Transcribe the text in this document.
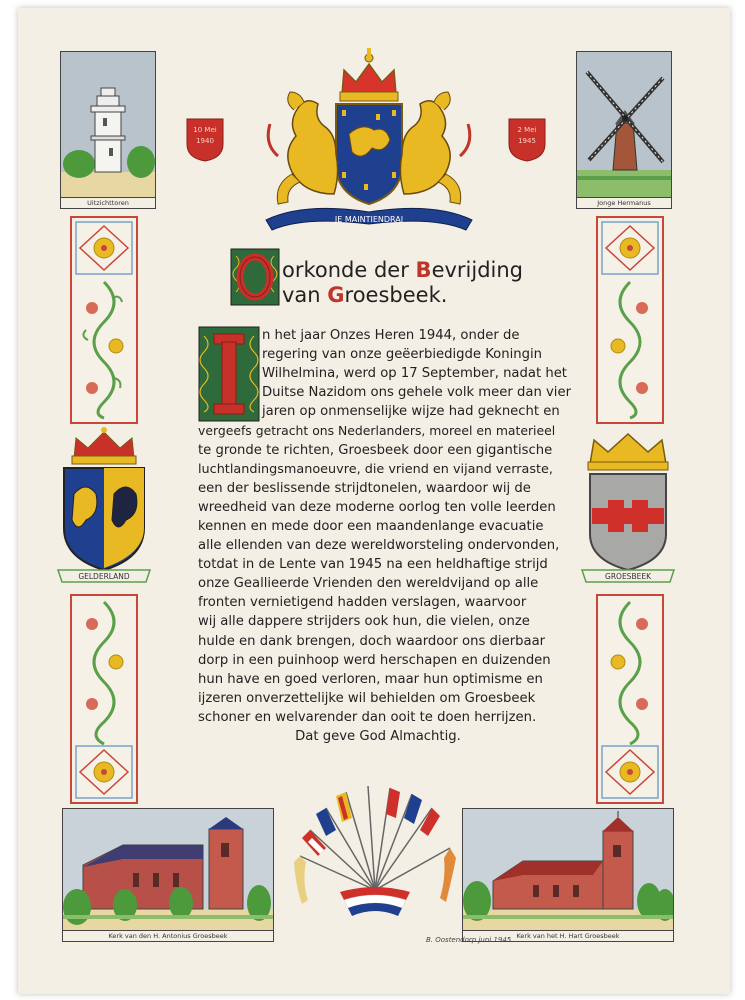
Uitzichttoren	Jonge Hermanus
10 Mei
1940
2 Mei
1945
JE MAINTIENDRAI
GELDERLAND	GROESBEEK
Kerk van den H. Antonius Groesbeek	Kerk van het H. Hart Groesbeek
B. Oostendorp juni 1945
orkonde der Bevrijding
van Groesbeek.
n het jaar Onzes Heren 1944, onder de
regering van onze geëerbiedigde Koningin
Wilhelmina, werd op 17 September, nadat het
Duitse Nazidom ons gehele volk meer dan vier
jaren op onmenselijke wijze had geknecht en
vergeefs getracht ons Nederlanders, moreel en materieel
te gronde te richten, Groesbeek door een gigantische
luchtlandingsmanoeuvre, die vriend en vijand verraste,
een der beslissende strijdtonelen, waardoor wij de
wreedheid van deze moderne oorlog ten volle leerden
kennen en mede door een maandenlange evacuatie
alle ellenden van deze wereldworsteling ondervonden,
totdat in de Lente van 1945 na een heldhaftige strijd
onze Geallieerde Vrienden den wereldvijand op alle
fronten vernietigend hadden verslagen, waarvoor
wij alle dappere strijders ook hun, die vielen, onze
hulde en dank brengen, doch waardoor ons dierbaar
dorp in een puinhoop werd herschapen en duizenden
hun have en goed verloren, maar hun optimisme en
ijzeren onverzettelijke wil behielden om Groesbeek
schoner en welvarender dan ooit te doen herrijzen.
Dat geve God Almachtig.
